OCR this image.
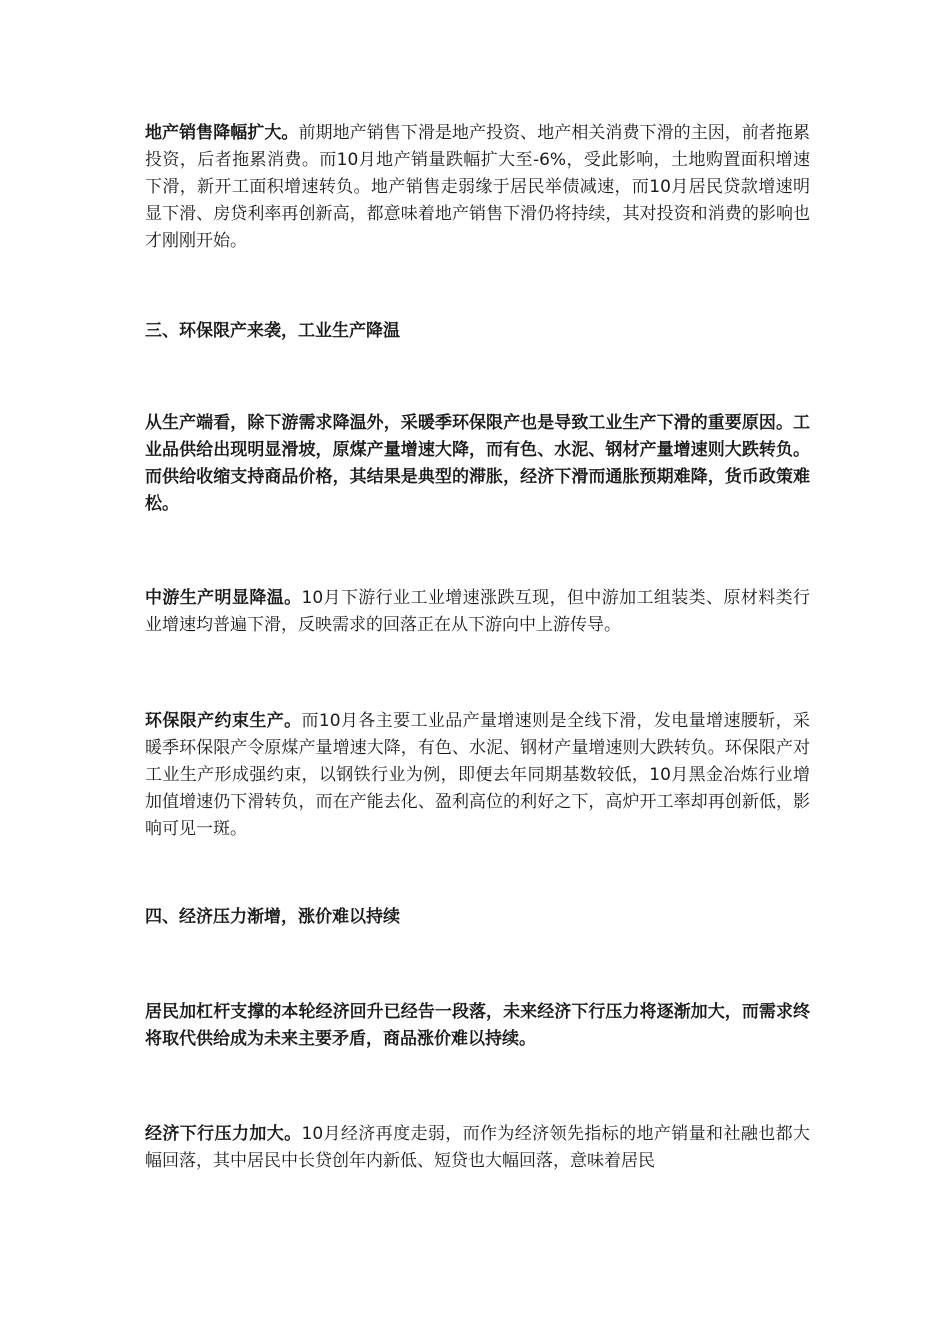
地产销售降幅扩大。前期地产销售下滑是地产投资、地产相关消费下滑的主因，前者拖累投资，后者拖累消费。而10月地产销量跌幅扩大至-6%，受此影响，土地购置面积增速下滑，新开工面积增速转负。地产销售走弱缘于居民举债减速，而10月居民贷款增速明显下滑、房贷利率再创新高，都意味着地产销售下滑仍将持续，其对投资和消费的影响也才刚刚开始。

三、环保限产来袭，工业生产降温

从生产端看，除下游需求降温外，采暖季环保限产也是导致工业生产下滑的重要原因。工业品供给出现明显滑坡，原煤产量增速大降，而有色、水泥、钢材产量增速则大跌转负。而供给收缩支持商品价格，其结果是典型的滞胀，经济下滑而通胀预期难降，货币政策难松。

中游生产明显降温。10月下游行业工业增速涨跌互现，但中游加工组装类、原材料类行业增速均普遍下滑，反映需求的回落正在从下游向中上游传导。

环保限产约束生产。而10月各主要工业品产量增速则是全线下滑，发电量增速腰斩，采暖季环保限产令原煤产量增速大降，有色、水泥、钢材产量增速则大跌转负。环保限产对工业生产形成强约束，以钢铁行业为例，即便去年同期基数较低，10月黑金冶炼行业增加值增速仍下滑转负，而在产能去化、盈利高位的利好之下，高炉开工率却再创新低，影响可见一斑。

四、经济压力渐增，涨价难以持续

居民加杠杆支撑的本轮经济回升已经告一段落，未来经济下行压力将逐渐加大，而需求终将取代供给成为未来主要矛盾，商品涨价难以持续。

经济下行压力加大。10月经济再度走弱，而作为经济领先指标的地产销量和社融也都大幅回落，其中居民中长贷创年内新低、短贷也大幅回落，意味着居民
